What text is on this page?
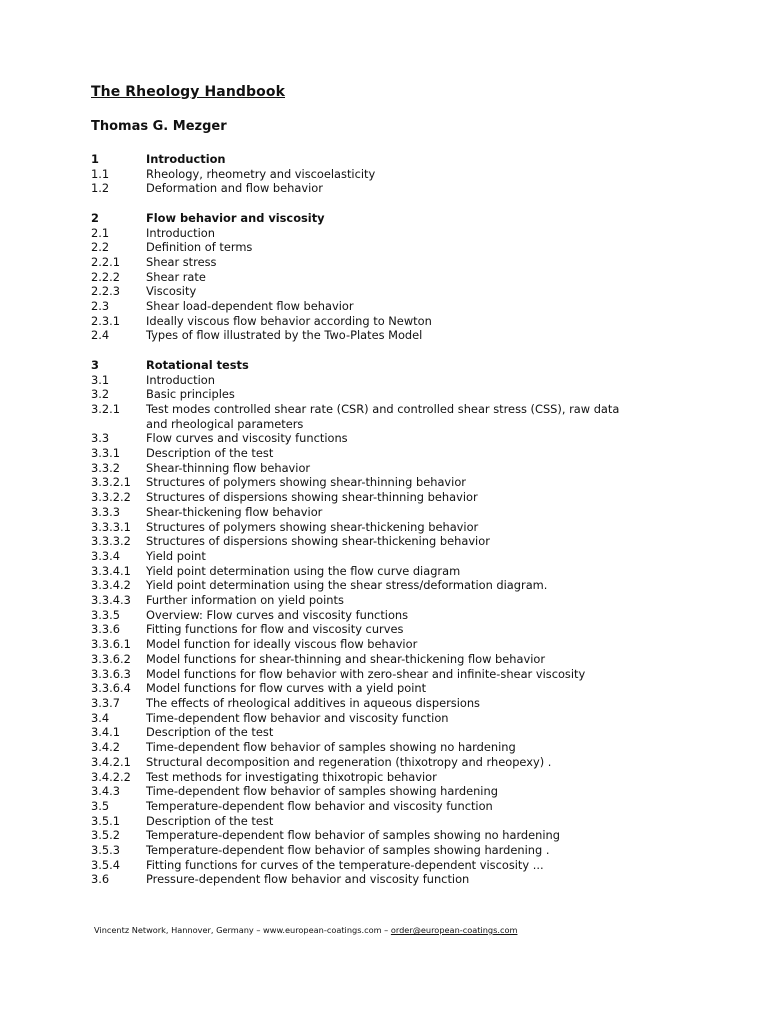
The Rheology Handbook
Thomas G. Mezger
1	Introduction
1.1	Rheology, rheometry and viscoelasticity
1.2	Deformation and flow behavior
2	Flow behavior and viscosity
2.1	Introduction
2.2	Definition of terms
2.2.1	Shear stress
2.2.2	Shear rate
2.2.3	Viscosity
2.3	Shear load-dependent flow behavior
2.3.1	Ideally viscous flow behavior according to Newton
2.4	Types of flow illustrated by the Two-Plates Model
3	Rotational tests
3.1	Introduction
3.2	Basic principles
3.2.1	Test modes controlled shear rate (CSR) and controlled shear stress (CSS), raw data
and rheological parameters
3.3	Flow curves and viscosity functions
3.3.1	Description of the test
3.3.2	Shear-thinning flow behavior
3.3.2.1	Structures of polymers showing shear-thinning behavior
3.3.2.2	Structures of dispersions showing shear-thinning behavior
3.3.3	Shear-thickening flow behavior
3.3.3.1	Structures of polymers showing shear-thickening behavior
3.3.3.2	Structures of dispersions showing shear-thickening behavior
3.3.4	Yield point
3.3.4.1	Yield point determination using the flow curve diagram
3.3.4.2	Yield point determination using the shear stress/deformation diagram.
3.3.4.3	Further information on yield points
3.3.5	Overview: Flow curves and viscosity functions
3.3.6	Fitting functions for flow and viscosity curves
3.3.6.1	Model function for ideally viscous flow behavior
3.3.6.2	Model functions for shear-thinning and shear-thickening flow behavior
3.3.6.3	Model functions for flow behavior with zero-shear and infinite-shear viscosity
3.3.6.4	Model functions for flow curves with a yield point
3.3.7	The effects of rheological additives in aqueous dispersions
3.4	Time-dependent flow behavior and viscosity function
3.4.1	Description of the test
3.4.2	Time-dependent flow behavior of samples showing no hardening
3.4.2.1	Structural decomposition and regeneration (thixotropy and rheopexy) .
3.4.2.2	Test methods for investigating thixotropic behavior
3.4.3	Time-dependent flow behavior of samples showing hardening
3.5	Temperature-dependent flow behavior and viscosity function
3.5.1	Description of the test
3.5.2	Temperature-dependent flow behavior of samples showing no hardening
3.5.3	Temperature-dependent flow behavior of samples showing hardening .
3.5.4	Fitting functions for curves of the temperature-dependent viscosity ...
3.6	Pressure-dependent flow behavior and viscosity function
Vincentz Network, Hannover, Germany – www.european-coatings.com – order@european-coatings.com
